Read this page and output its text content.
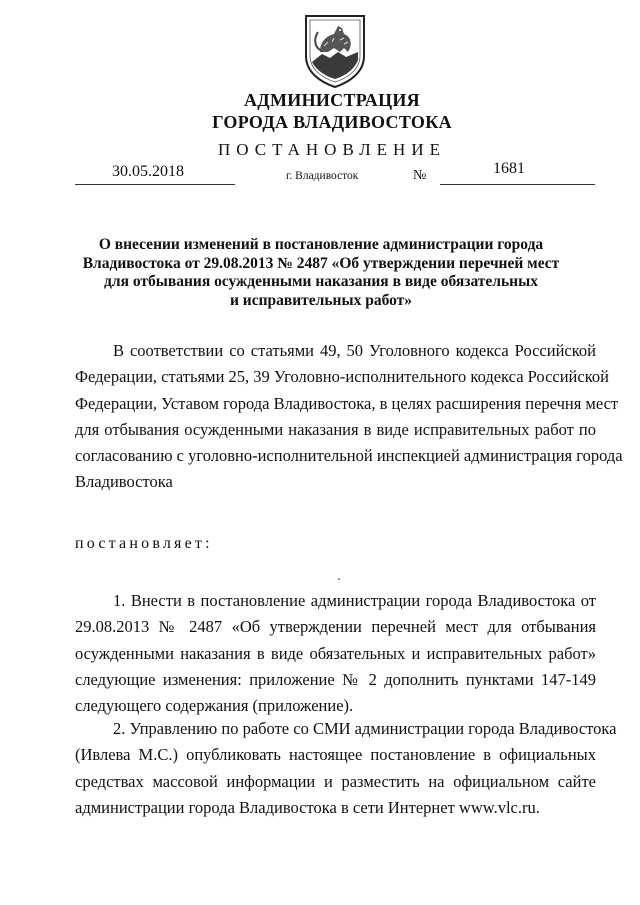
АДМИНИСТРАЦИЯ
ГОРОДА ВЛАДИВОСТОКА
ПОСТАНОВЛЕНИЕ
30.05.2018	г. Владивосток	№	1681
О внесении изменений в постановление администрации города
Владивостока от 29.08.2013 № 2487 «Об утверждении перечней мест
для отбывания осужденными наказания в виде обязательных
и исправительных работ»
В соответствии со статьями 49, 50 Уголовного кодекса Российской
Федерации, статьями 25, 39 Уголовно-исполнительного кодекса Российской
Федерации, Уставом города Владивостока, в целях расширения перечня мест
для отбывания осужденными наказания в виде исправительных работ по
согласованию с уголовно-исполнительной инспекцией администрация города
Владивостока
постановляет:
1. Внести в постановление администрации города Владивостока от
29.08.2013 № 2487 «Об утверждении перечней мест для отбывания
осужденными наказания в виде обязательных и исправительных работ»
следующие изменения: приложение № 2 дополнить пунктами 147-149
следующего содержания (приложение).
2. Управлению по работе со СМИ администрации города Владивостока
(Ивлева М.С.) опубликовать настоящее постановление в официальных
средствах массовой информации и разместить на официальном сайте
администрации города Владивостока в сети Интернет www.vlc.ru.
